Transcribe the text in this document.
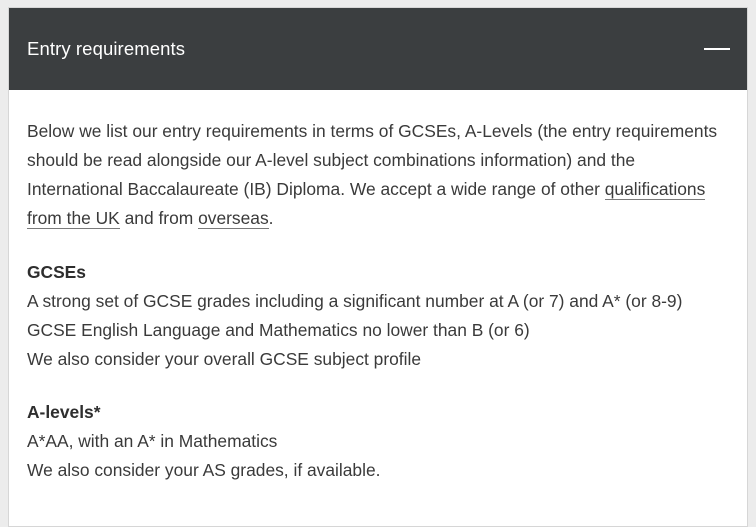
Entry requirements

Below we list our entry requirements in terms of GCSEs, A-Levels (the entry requirements should be read alongside our A-level subject combinations information) and the International Baccalaureate (IB) Diploma. We accept a wide range of other qualifications from the UK and from overseas.

GCSEs
A strong set of GCSE grades including a significant number at A (or 7) and A* (or 8-9)
GCSE English Language and Mathematics no lower than B (or 6)
We also consider your overall GCSE subject profile
A-levels*
A*AA, with an A* in Mathematics
We also consider your AS grades, if available.
